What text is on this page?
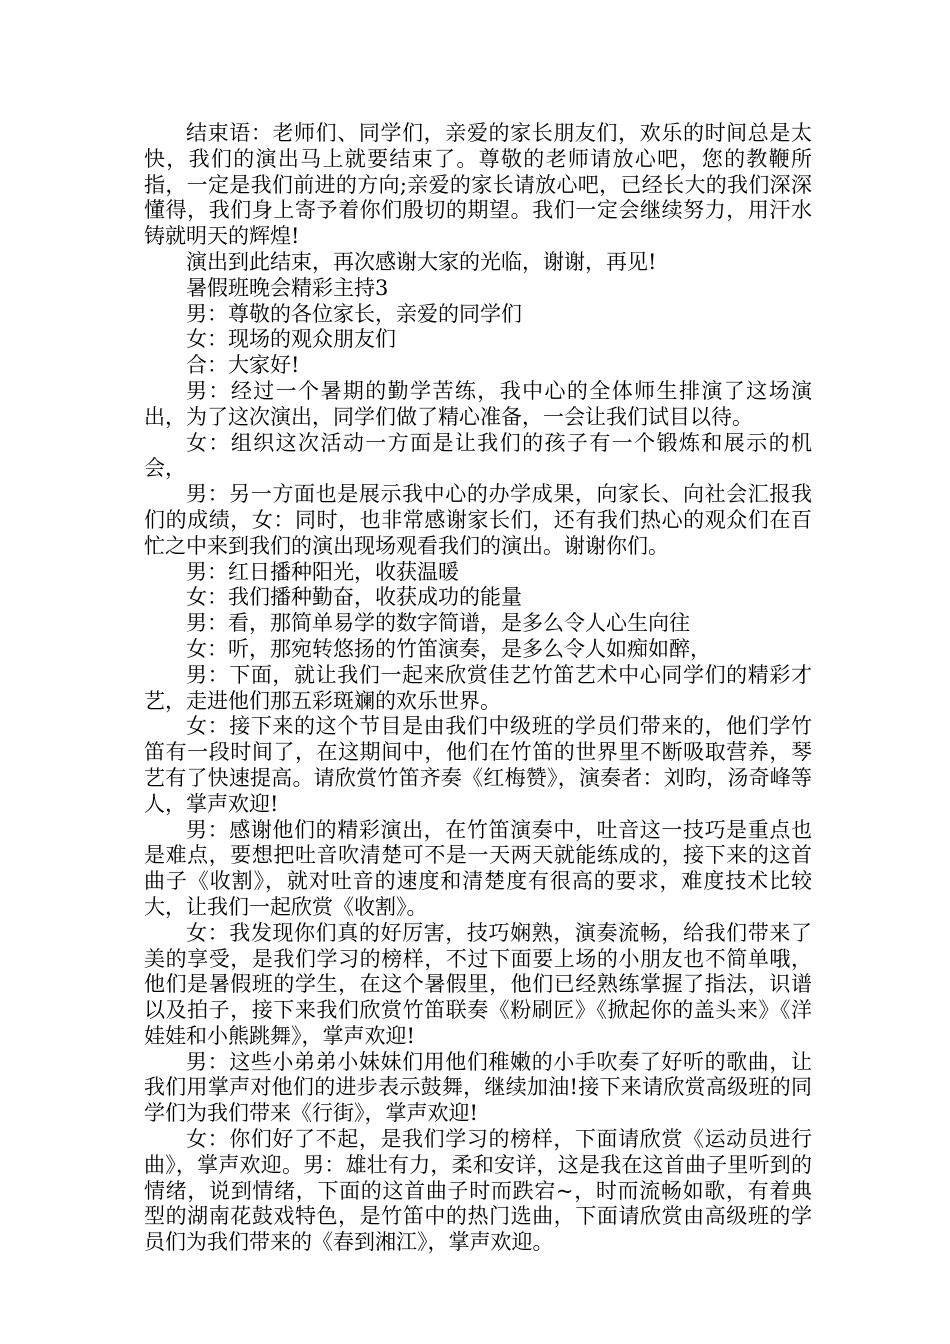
结束语：老师们、同学们，亲爱的家长朋友们，欢乐的时间总是太快，我们的演出马上就要结束了。尊敬的老师请放心吧，您的教鞭所指，一定是我们前进的方向;亲爱的家长请放心吧，已经长大的我们深深懂得，我们身上寄予着你们殷切的期望。我们一定会继续努力，用汗水铸就明天的辉煌!

演出到此结束，再次感谢大家的光临，谢谢，再见!

暑假班晚会精彩主持3

男：尊敬的各位家长，亲爱的同学们

女：现场的观众朋友们

合：大家好!

男：经过一个暑期的勤学苦练，我中心的全体师生排演了这场演出，为了这次演出，同学们做了精心准备，一会让我们试目以待。

女：组织这次活动一方面是让我们的孩子有一个锻炼和展示的机会，

男：另一方面也是展示我中心的办学成果，向家长、向社会汇报我们的成绩，女：同时，也非常感谢家长们，还有我们热心的观众们在百忙之中来到我们的演出现场观看我们的演出。谢谢你们。

男：红日播种阳光，收获温暖

女：我们播种勤奋，收获成功的能量

男：看，那简单易学的数字简谱，是多么令人心生向往

女：听，那宛转悠扬的竹笛演奏，是多么令人如痴如醉，

男：下面，就让我们一起来欣赏佳艺竹笛艺术中心同学们的精彩才艺，走进他们那五彩斑斓的欢乐世界。

女：接下来的这个节目是由我们中级班的学员们带来的，他们学竹笛有一段时间了，在这期间中，他们在竹笛的世界里不断吸取营养，琴艺有了快速提高。请欣赏竹笛齐奏《红梅赞》，演奏者：刘昀，汤奇峰等人，掌声欢迎!

男：感谢他们的精彩演出，在竹笛演奏中，吐音这一技巧是重点也是难点，要想把吐音吹清楚可不是一天两天就能练成的，接下来的这首曲子《收割》，就对吐音的速度和清楚度有很高的要求，难度技术比较大，让我们一起欣赏《收割》。

女：我发现你们真的好厉害，技巧娴熟，演奏流畅，给我们带来了美的享受，是我们学习的榜样，不过下面要上场的小朋友也不简单哦，他们是暑假班的学生，在这个暑假里，他们已经熟练掌握了指法，识谱以及拍子，接下来我们欣赏竹笛联奏《粉刷匠》《掀起你的盖头来》《洋娃娃和小熊跳舞》，掌声欢迎!

男：这些小弟弟小妹妹们用他们稚嫩的小手吹奏了好听的歌曲，让我们用掌声对他们的进步表示鼓舞，继续加油!接下来请欣赏高级班的同学们为我们带来《行街》，掌声欢迎!

女：你们好了不起，是我们学习的榜样，下面请欣赏《运动员进行曲》，掌声欢迎。男：雄壮有力，柔和安详，这是我在这首曲子里听到的情绪，说到情绪，下面的这首曲子时而跌宕~，时而流畅如歌，有着典型的湖南花鼓戏特色，是竹笛中的热门选曲，下面请欣赏由高级班的学员们为我们带来的《春到湘江》，掌声欢迎。
